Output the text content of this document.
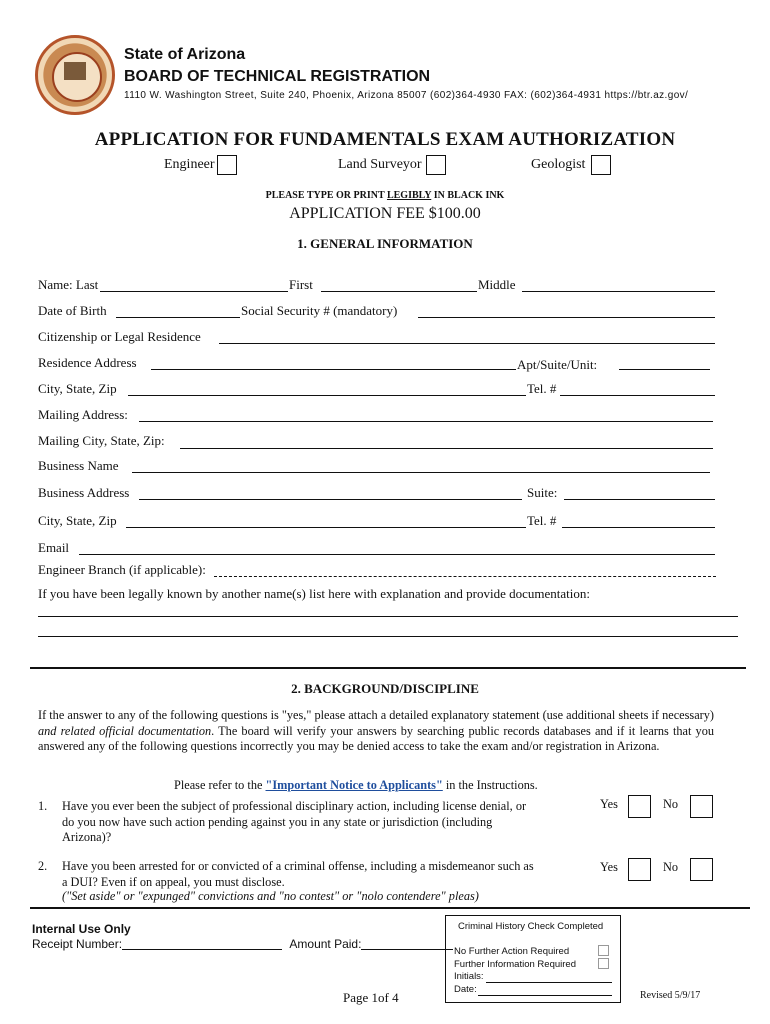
State of Arizona
BOARD OF TECHNICAL REGISTRATION
1110 W. Washington Street, Suite 240, Phoenix, Arizona 85007 (602)364-4930 FAX: (602)364-4931 https://btr.az.gov/
APPLICATION FOR FUNDAMENTALS EXAM AUTHORIZATION
Engineer	Land Surveyor	Geologist
PLEASE TYPE OR PRINT LEGIBLY IN BLACK INK
APPLICATION FEE $100.00
1. GENERAL INFORMATION
Name: Last	First	Middle
Date of Birth	Social Security # (mandatory)
Citizenship or Legal Residence
Residence Address	Apt/Suite/Unit:
City, State, Zip	Tel. #
Mailing Address:
Mailing City, State, Zip:
Business Name
Business Address	Suite:
City, State, Zip	Tel. #
Email
Engineer Branch (if applicable):
If you have been legally known by another name(s) list here with explanation and provide documentation:
2. BACKGROUND/DISCIPLINE
If the answer to any of the following questions is "yes," please attach a detailed explanatory statement (use additional sheets if necessary) and related official documentation. The board will verify your answers by searching public records databases and if it learns that you answered any of the following questions incorrectly you may be denied access to take the exam and/or registration in Arizona.
Please refer to the "Important Notice to Applicants" in the Instructions.
1. Have you ever been the subject of professional disciplinary action, including license denial, or do you now have such action pending against you in any state or jurisdiction (including Arizona)?
Yes	No
2. Have you been arrested for or convicted of a criminal offense, including a misdemeanor such as a DUI? Even if on appeal, you must disclose.
("Set aside" or "expunged" convictions and "no contest" or "nolo contendere" pleas)
Yes	No
Internal Use Only
Receipt Number:	Amount Paid:
Criminal History Check Completed
No Further Action Required
Further Information Required
Initials:
Date:
Page 1of 4	Revised 5/9/17
